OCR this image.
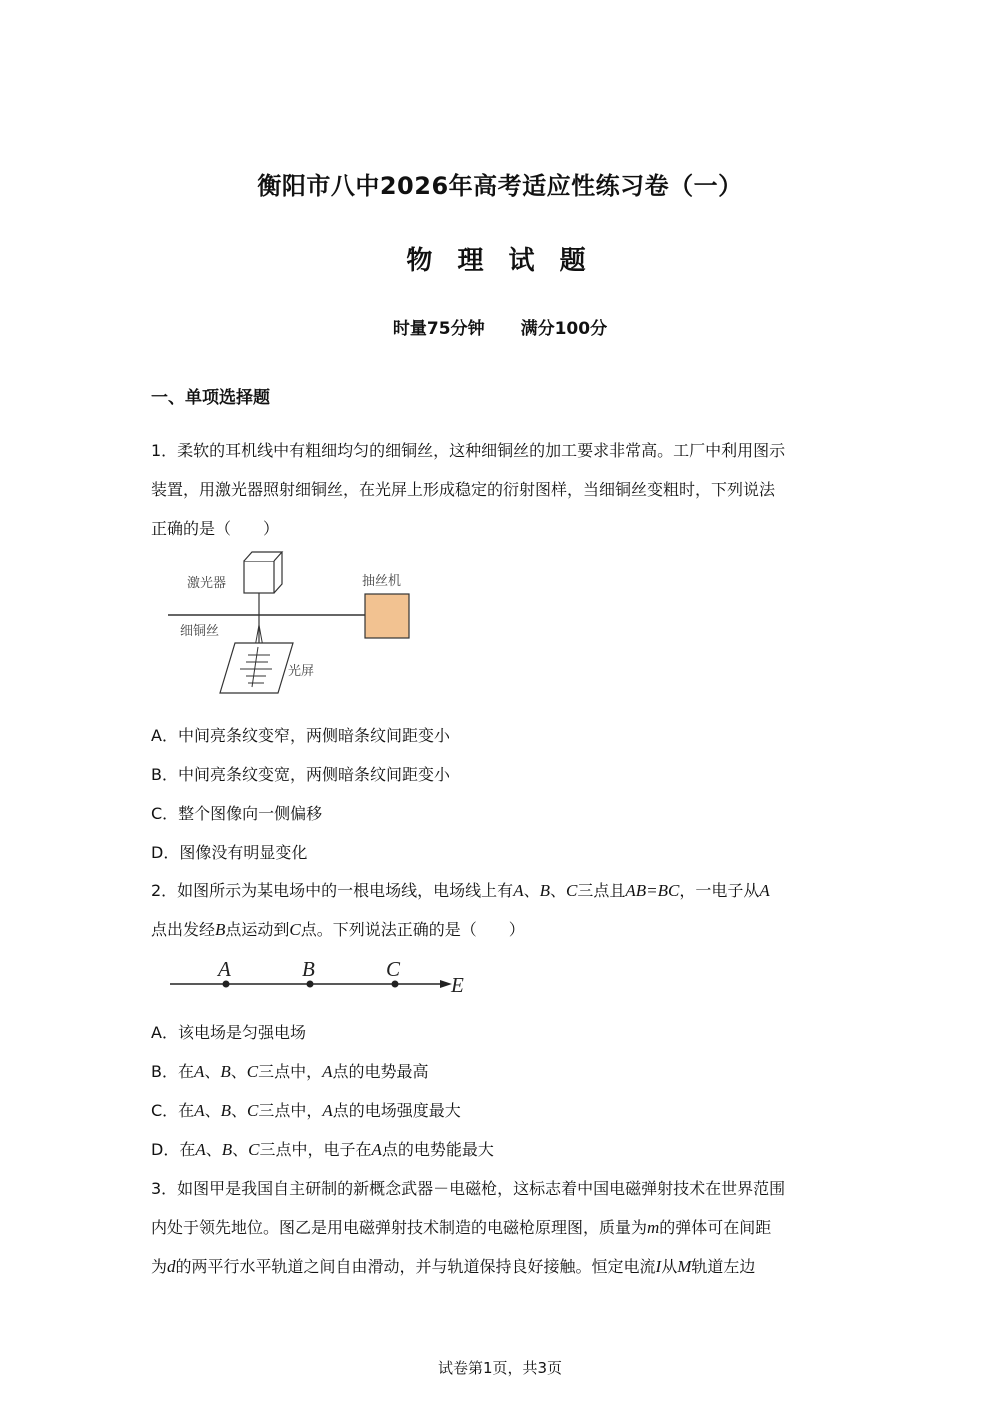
衡阳市八中2026年高考适应性练习卷（一）
物 理 试 题
时量75分钟 满分100分
一、单项选择题
1．柔软的耳机线中有粗细均匀的细铜丝，这种细铜丝的加工要求非常高。工厂中利用图示
装置，用激光器照射细铜丝，在光屏上形成稳定的衍射图样，当细铜丝变粗时，下列说法
正确的是（　　）
激光器
细铜丝
抽丝机
光屏
A．中间亮条纹变窄，两侧暗条纹间距变小
B．中间亮条纹变宽，两侧暗条纹间距变小
C．整个图像向一侧偏移
D．图像没有明显变化
2．如图所示为某电场中的一根电场线，电场线上有A、B、C三点且AB=BC，一电子从A
点出发经B点运动到C点。下列说法正确的是（　　）
A	B	C
E
A．该电场是匀强电场
B．在A、B、C三点中，A点的电势最高
C．在A、B、C三点中，A点的电场强度最大
D．在A、B、C三点中，电子在A点的电势能最大
3．如图甲是我国自主研制的新概念武器－电磁枪，这标志着中国电磁弹射技术在世界范围
内处于领先地位。图乙是用电磁弹射技术制造的电磁枪原理图，质量为m的弹体可在间距
为d的两平行水平轨道之间自由滑动，并与轨道保持良好接触。恒定电流I从M轨道左边
试卷第1页，共3页
